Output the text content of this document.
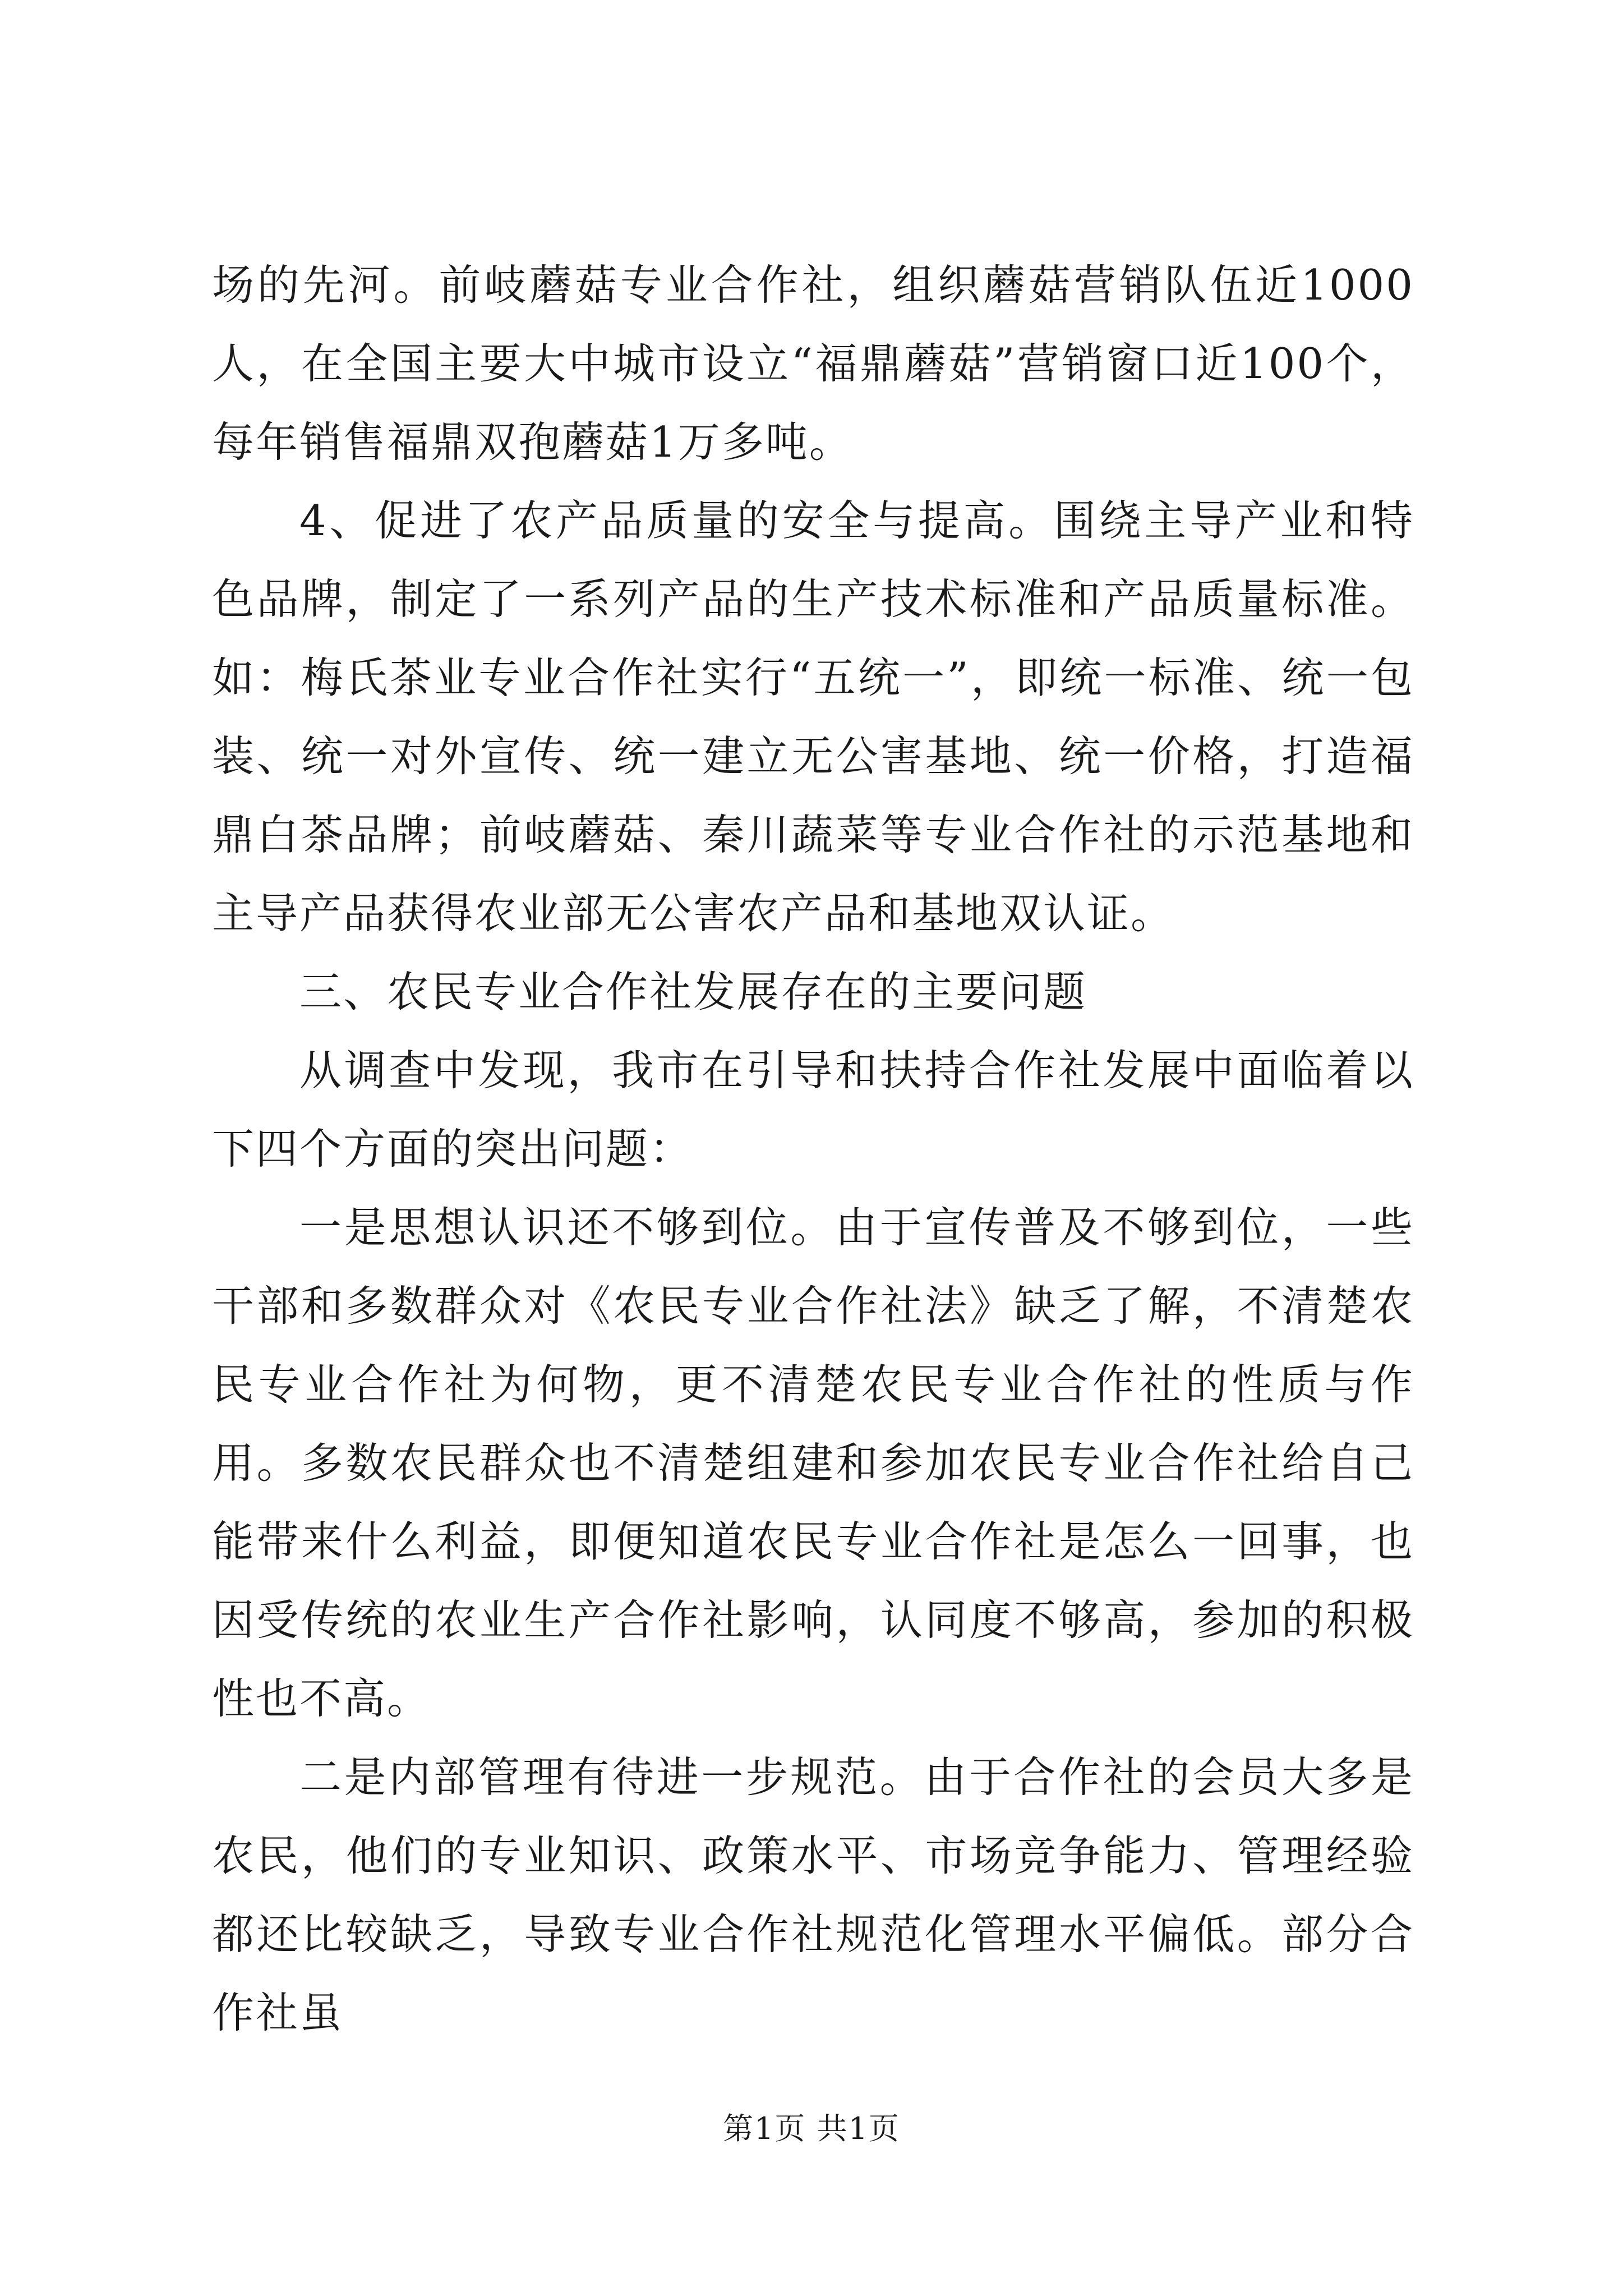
场的先河。前岐蘑菇专业合作社，组织蘑菇营销队伍近1000人，在全国主要大中城市设立“福鼎蘑菇”营销窗口近100个，每年销售福鼎双孢蘑菇1万多吨。

4、促进了农产品质量的安全与提高。围绕主导产业和特色品牌，制定了一系列产品的生产技术标准和产品质量标准。如：梅氏茶业专业合作社实行“五统一”，即统一标准、统一包装、统一对外宣传、统一建立无公害基地、统一价格，打造福鼎白茶品牌；前岐蘑菇、秦川蔬菜等专业合作社的示范基地和主导产品获得农业部无公害农产品和基地双认证。

三、农民专业合作社发展存在的主要问题

从调查中发现，我市在引导和扶持合作社发展中面临着以下四个方面的突出问题：

一是思想认识还不够到位。由于宣传普及不够到位，一些干部和多数群众对《农民专业合作社法》缺乏了解，不清楚农民专业合作社为何物，更不清楚农民专业合作社的性质与作用。多数农民群众也不清楚组建和参加农民专业合作社给自己能带来什么利益，即便知道农民专业合作社是怎么一回事，也因受传统的农业生产合作社影响，认同度不够高，参加的积极性也不高。

二是内部管理有待进一步规范。由于合作社的会员大多是农民，他们的专业知识、政策水平、市场竞争能力、管理经验都还比较缺乏，导致专业合作社规范化管理水平偏低。部分合作社虽

第1页 共1页
